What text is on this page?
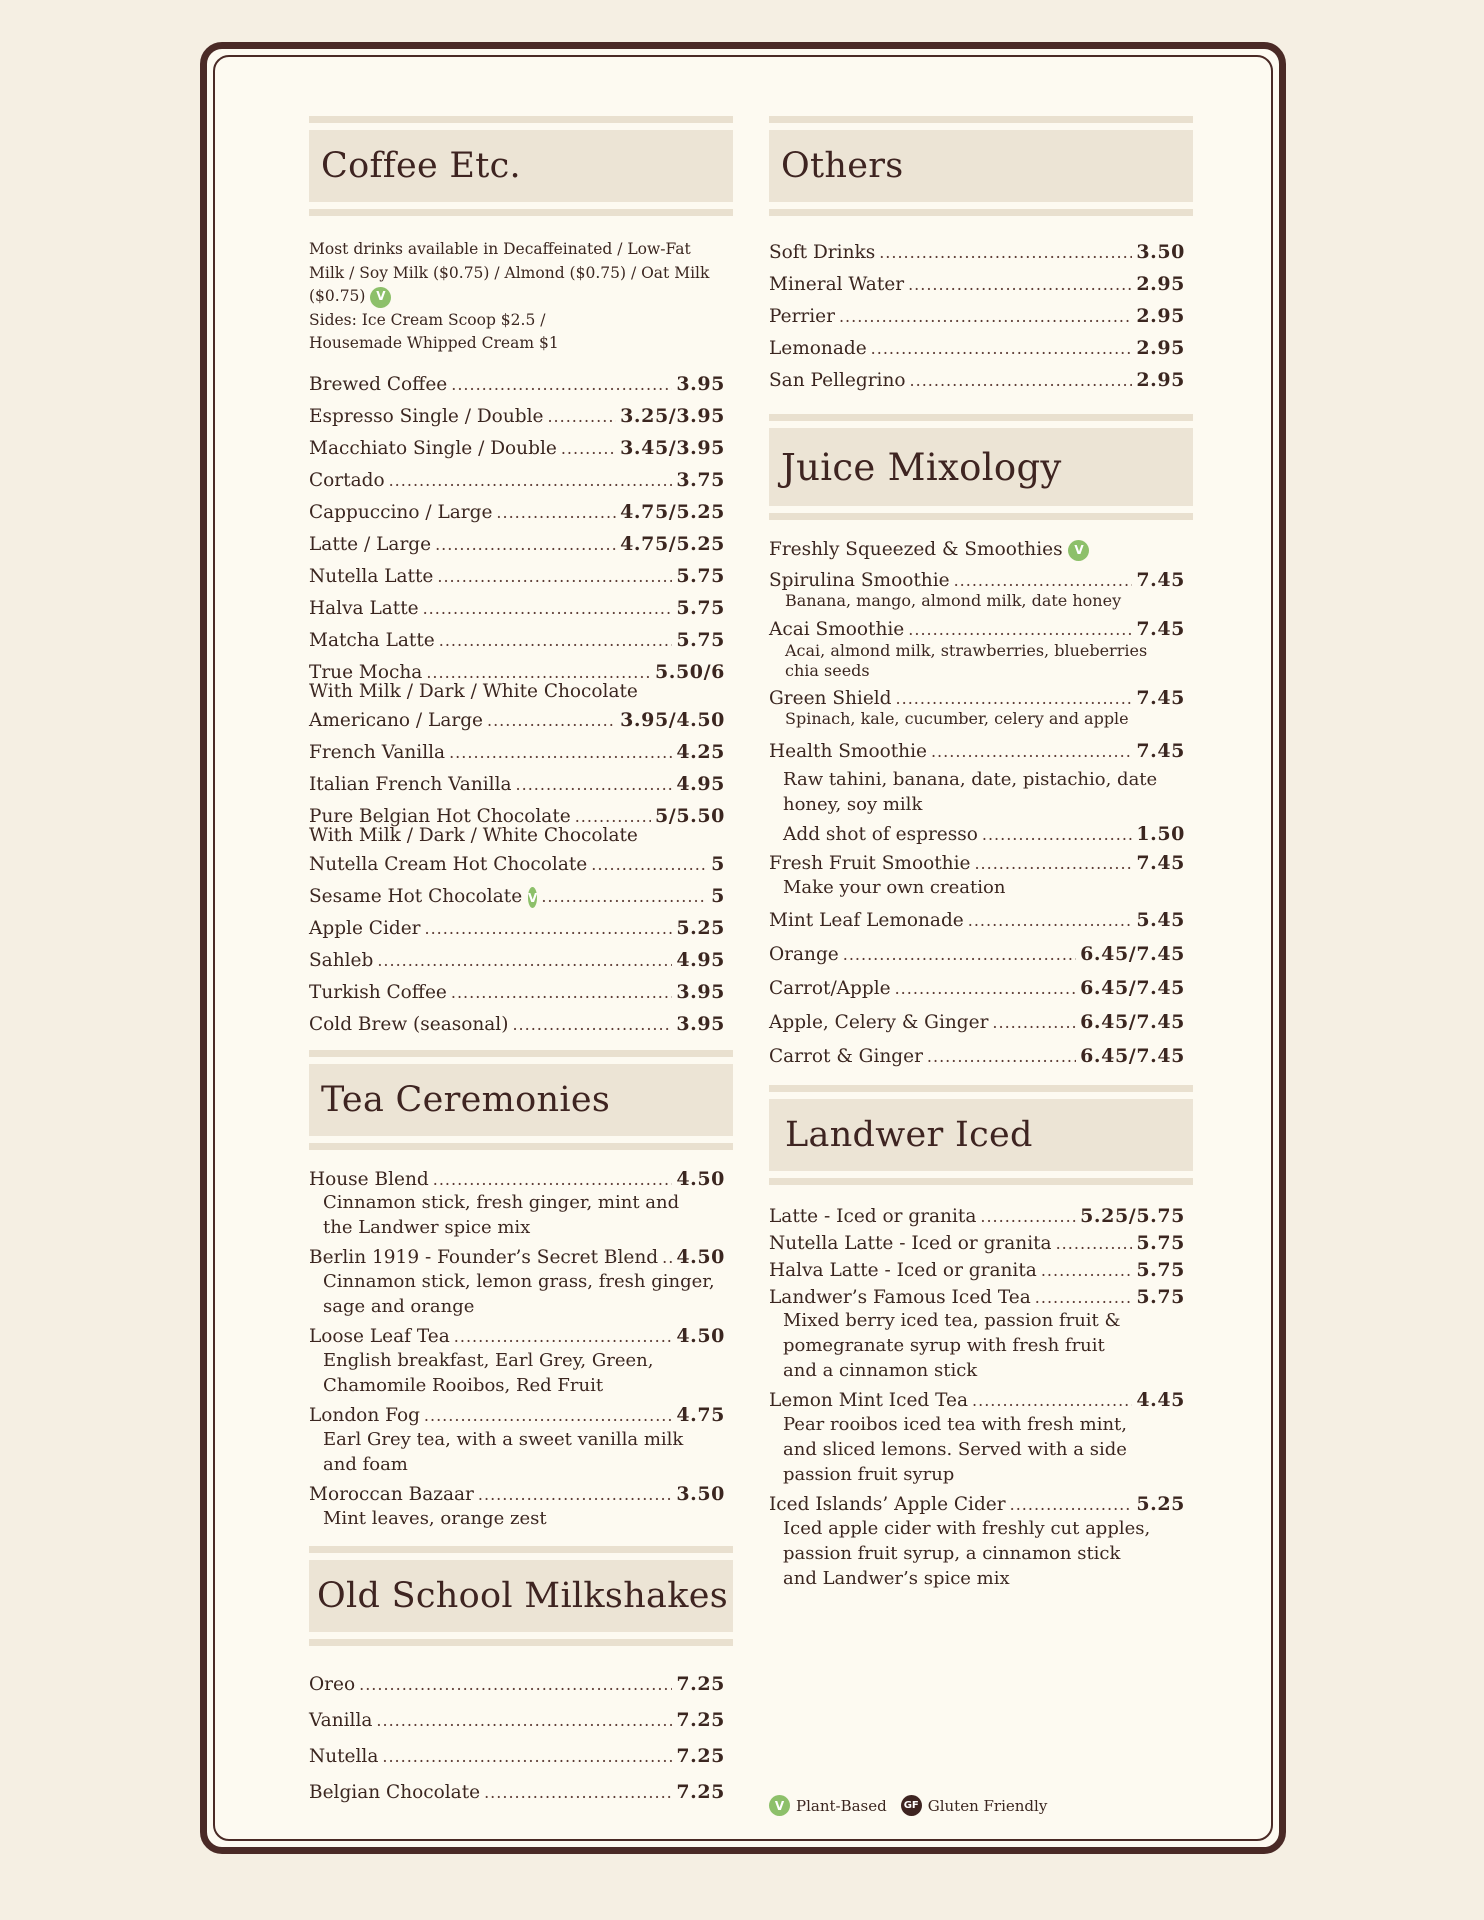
Coffee Etc.
Most drinks available in Decaffeinated / Low-Fat
Milk / Soy Milk ($0.75) / Almond ($0.75) / Oat Milk
($0.75) V
Sides: Ice Cream Scoop $2.5 /
Housemade Whipped Cream $1
Brewed Coffee .....	3.95
Espresso Single / Double .....	3.25/3.95
Macchiato Single / Double .....	3.45/3.95
Cortado .....	3.75
Cappuccino / Large .....	4.75/5.25
Latte / Large .....	4.75/5.25
Nutella Latte .....	5.75
Halva Latte .....	5.75
Matcha Latte .....	5.75
True Mocha .....	5.50/6
With Milk / Dark / White Chocolate
Americano / Large .....	3.95/4.50
French Vanilla .....	4.25
Italian French Vanilla .....	4.95
Pure Belgian Hot Chocolate .....	5/5.50
With Milk / Dark / White Chocolate
Nutella Cream Hot Chocolate .....	5
Sesame Hot Chocolate
V .....	5
Apple Cider .....	5.25
Sahleb .....	4.95
Turkish Coffee .....	3.95
Cold Brew (seasonal) .....	3.95
Tea Ceremonies
House Blend .....	4.50
Cinnamon stick, fresh ginger, mint and
the Landwer spice mix
Berlin 1919 - Founder’s Secret Blend ..... 4.50
Cinnamon stick, lemon grass, fresh ginger,
sage and orange
Loose Leaf Tea .....	4.50
English breakfast, Earl Grey, Green,
Chamomile Rooibos, Red Fruit
London Fog .....	4.75
Earl Grey tea, with a sweet vanilla milk
and foam
Moroccan Bazaar .....	3.50
Mint leaves, orange zest
Old School Milkshakes
Oreo .....	7.25
Vanilla .....	7.25
Nutella .....	7.25
Belgian Chocolate .....	7.25
Others
Soft Drinks .....	3.50
Mineral Water .....	2.95
Perrier .....	2.95
Lemonade .....	2.95
San Pellegrino .....	2.95
Juice Mixology
Freshly Squeezed & Smoothies V
Spirulina Smoothie .....	7.45
Banana, mango, almond milk, date honey
Acai Smoothie .....	7.45
Acai, almond milk, strawberries, blueberries
chia seeds
Green Shield .....	7.45
Spinach, kale, cucumber, celery and apple
Health Smoothie .....	7.45
Raw tahini, banana, date, pistachio, date
honey, soy milk
Add shot of espresso .....	1.50
Fresh Fruit Smoothie .....	7.45
Make your own creation
Mint Leaf Lemonade .....	5.45
Orange .....	6.45/7.45
Carrot/Apple .....	6.45/7.45
Apple, Celery & Ginger .....	6.45/7.45
Carrot & Ginger .....	6.45/7.45
Landwer Iced
Latte - Iced or granita .....	5.25/5.75
Nutella Latte - Iced or granita .....	5.75
Halva Latte - Iced or granita .....	5.75
Landwer’s Famous Iced Tea .....	5.75
Mixed berry iced tea, passion fruit &
pomegranate syrup with fresh fruit
and a cinnamon stick
Lemon Mint Iced Tea .....	4.45
Pear rooibos iced tea with fresh mint,
and sliced lemons. Served with a side
passion fruit syrup
Iced Islands’ Apple Cider .....	5.25
Iced apple cider with freshly cut apples,
passion fruit syrup, a cinnamon stick
and Landwer’s spice mix
V Plant-Based GF Gluten Friendly
